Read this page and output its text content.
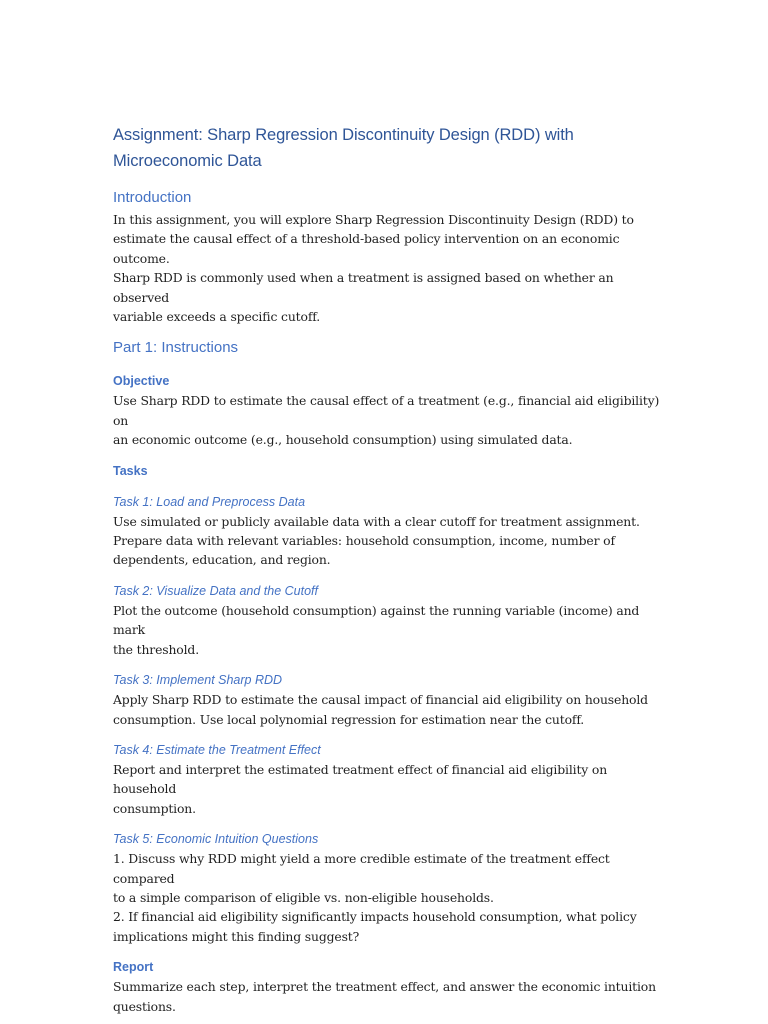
Assignment: Sharp Regression Discontinuity Design (RDD) with
Microeconomic Data
Introduction

In this assignment, you will explore Sharp Regression Discontinuity Design (RDD) to
estimate the causal effect of a threshold-based policy intervention on an economic outcome.
Sharp RDD is commonly used when a treatment is assigned based on whether an observed
variable exceeds a specific cutoff.

Part 1: Instructions
Objective

Use Sharp RDD to estimate the causal effect of a treatment (e.g., financial aid eligibility) on
an economic outcome (e.g., household consumption) using simulated data.

Tasks
Task 1: Load and Preprocess Data

Use simulated or publicly available data with a clear cutoff for treatment assignment.
Prepare data with relevant variables: household consumption, income, number of
dependents, education, and region.

Task 2: Visualize Data and the Cutoff

Plot the outcome (household consumption) against the running variable (income) and mark
the threshold.

Task 3: Implement Sharp RDD

Apply Sharp RDD to estimate the causal impact of financial aid eligibility on household
consumption. Use local polynomial regression for estimation near the cutoff.

Task 4: Estimate the Treatment Effect

Report and interpret the estimated treatment effect of financial aid eligibility on household
consumption.

Task 5: Economic Intuition Questions

1. Discuss why RDD might yield a more credible estimate of the treatment effect compared
to a simple comparison of eligible vs. non-eligible households.
2. If financial aid eligibility significantly impacts household consumption, what policy
implications might this finding suggest?

Report

Summarize each step, interpret the treatment effect, and answer the economic intuition
questions.
